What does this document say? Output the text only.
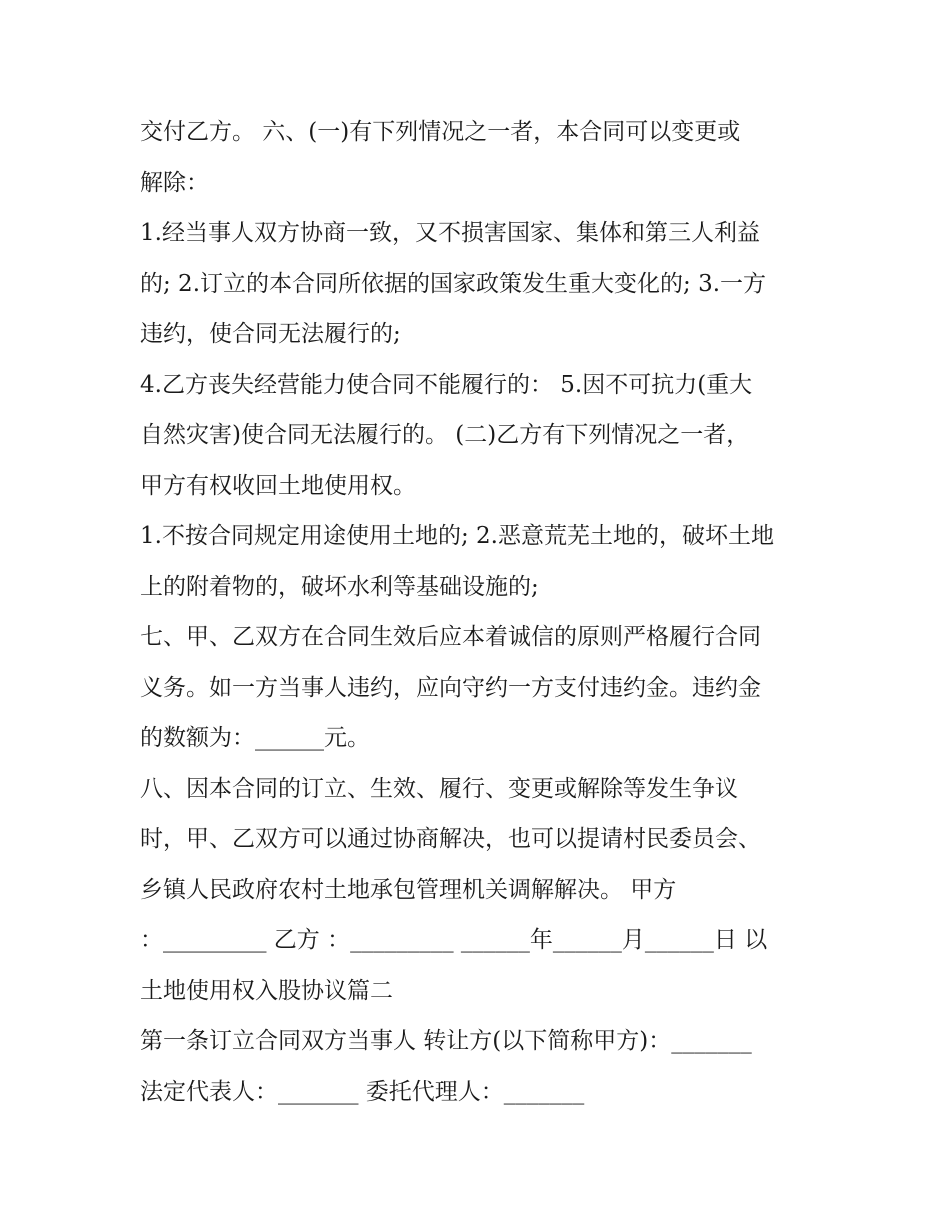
交付乙方。 六、(一)有下列情况之一者，本合同可以变更或
解除：
1.经当事人双方协商一致，又不损害国家、集体和第三人利益
的; 2.订立的本合同所依据的国家政策发生重大变化的; 3.一方
违约，使合同无法履行的;
4.乙方丧失经营能力使合同不能履行的： 5.因不可抗力(重大
自然灾害)使合同无法履行的。 (二)乙方有下列情况之一者，
甲方有权收回土地使用权。
1.不按合同规定用途使用土地的; 2.恶意荒芜土地的，破坏土地
上的附着物的，破坏水利等基础设施的;
七、甲、乙双方在合同生效后应本着诚信的原则严格履行合同
义务。如一方当事人违约，应向守约一方支付违约金。违约金
的数额为：______元。
八、因本合同的订立、生效、履行、变更或解除等发生争议
时，甲、乙双方可以通过协商解决，也可以提请村民委员会、
乡镇人民政府农村土地承包管理机关调解解决。 甲方
：_________ 乙方 ：_________ ______年______月______日 以
土地使用权入股协议篇二
第一条订立合同双方当事人 转让方(以下简称甲方)：_______
法定代表人：_______ 委托代理人：_______
